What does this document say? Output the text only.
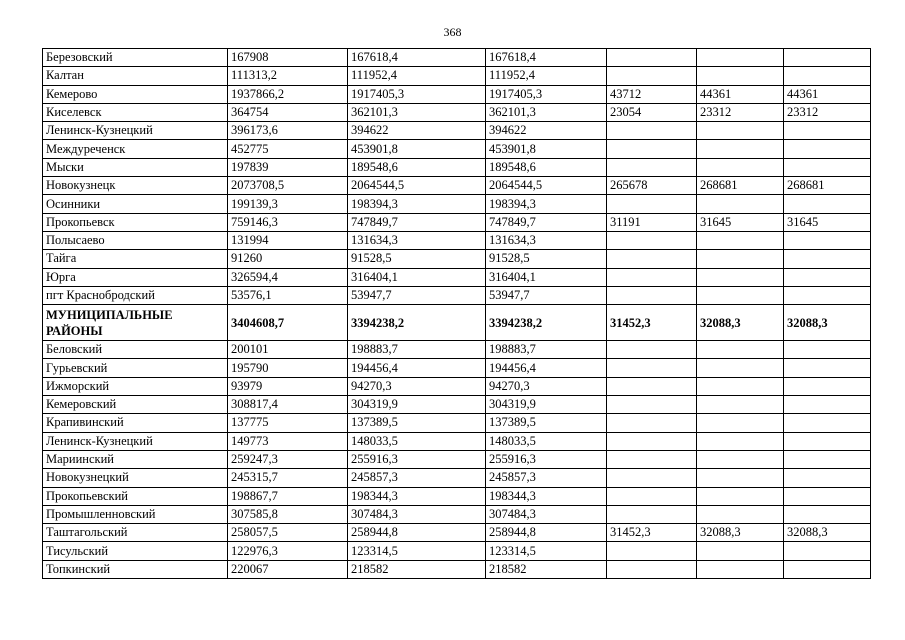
368
Березовский	167908	167618,4	167618,4			
Калтан	111313,2	111952,4	111952,4			
Кемерово	1937866,2	1917405,3	1917405,3	43712	44361	44361
Киселевск	364754	362101,3	362101,3	23054	23312	23312
Ленинск-Кузнецкий	396173,6	394622	394622			
Междуреченск	452775	453901,8	453901,8			
Мыски	197839	189548,6	189548,6			
Новокузнецк	2073708,5	2064544,5	2064544,5	265678	268681	268681
Осинники	199139,3	198394,3	198394,3			
Прокопьевск	759146,3	747849,7	747849,7	31191	31645	31645
Полысаево	131994	131634,3	131634,3			
Тайга	91260	91528,5	91528,5			
Юрга	326594,4	316404,1	316404,1			
пгт Краснобродский	53576,1	53947,7	53947,7			
МУНИЦИПАЛЬНЫЕ РАЙОНЫ	3404608,7	3394238,2	3394238,2	31452,3	32088,3	32088,3
Беловский	200101	198883,7	198883,7			
Гурьевский	195790	194456,4	194456,4			
Ижморский	93979	94270,3	94270,3			
Кемеровский	308817,4	304319,9	304319,9			
Крапивинский	137775	137389,5	137389,5			
Ленинск-Кузнецкий	149773	148033,5	148033,5			
Мариинский	259247,3	255916,3	255916,3			
Новокузнецкий	245315,7	245857,3	245857,3			
Прокопьевский	198867,7	198344,3	198344,3			
Промышленновский	307585,8	307484,3	307484,3			
Таштагольский	258057,5	258944,8	258944,8	31452,3	32088,3	32088,3
Тисульский	122976,3	123314,5	123314,5			
Топкинский	220067	218582	218582			
